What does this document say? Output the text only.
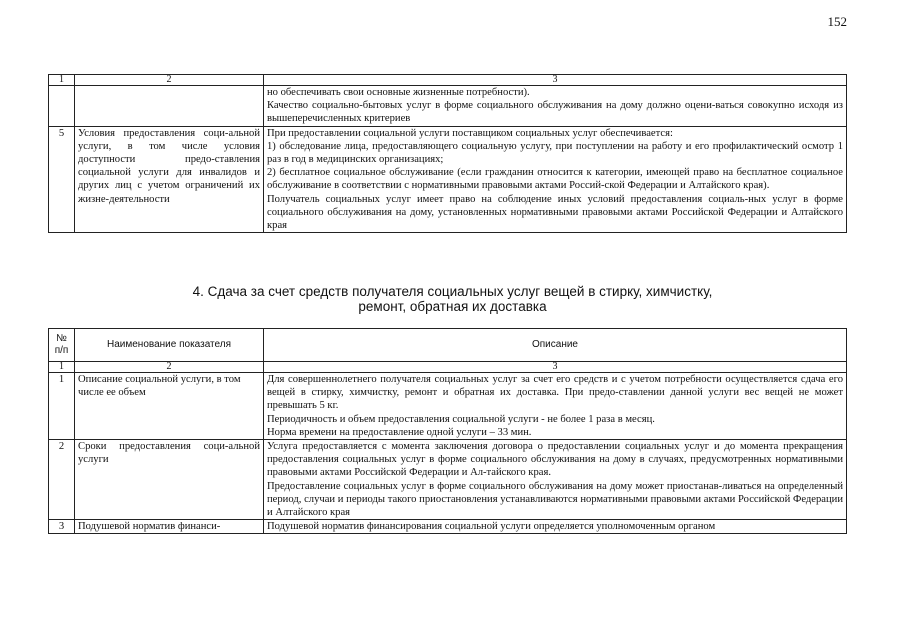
152
1	2	3

		но обеспечивать свои основные жизненные потребности).

Качество социально-бытовых услуг в форме социального обслуживания на дому должно оцени-ваться совокупно исходя из вышеперечисленных критериев

5	Условия предоставления соци-альной услуги, в том числе условия доступности предо-ставления социальной услуги для инвалидов и других лиц с учетом ограничений их жизне-деятельности	При предоставлении социальной услуги поставщиком социальных услуг обеспечивается:

1) обследование лица, предоставляющего социальную услугу, при поступлении на работу и его профилактический осмотр 1 раз в год в медицинских организациях;

2) бесплатное социальное обслуживание (если гражданин относится к категории, имеющей право на бесплатное социальное обслуживание в соответствии с нормативными правовыми актами Россий-ской Федерации и Алтайского края).

Получатель социальных услуг имеет право на соблюдение иных условий предоставления социаль-ных услуг в форме социального обслуживания на дому, установленных нормативными правовыми актами Российской Федерации и Алтайского края

4. Сдача за счет средств получателя социальных услуг вещей в стирку, химчистку,
ремонт, обратная их доставка
№ п/п	Наименование показателя	Описание
1	2	3
1	Описание социальной услуги, в том числе ее объем	Для совершеннолетнего получателя социальных услуг за счет его средств и с учетом потребности осуществляется сдача его вещей в стирку, химчистку, ремонт и обратная их доставка. При предо-ставлении данной услуги вес вещей не может превышать 5 кг.

Периодичность и объем предоставления социальной услуги - не более 1 раза в месяц.

Норма времени на предоставление одной услуги – 33 мин.

2	Сроки предоставления соци-альной услуги	Услуга предоставляется с момента заключения договора о предоставлении социальных услуг и до момента прекращения предоставления социальных услуг в форме социального обслуживания на дому в случаях, предусмотренных нормативными правовыми актами Российской Федерации и Ал-тайского края.

Предоставление социальных услуг в форме социального обслуживания на дому может приостанав-ливаться на определенный период, случаи и периоды такого приостановления устанавливаются нормативными правовыми актами Российской Федерации и Алтайского края

3	Подушевой норматив финанси-	Подушевой норматив финансирования социальной услуги определяется уполномоченным органом
